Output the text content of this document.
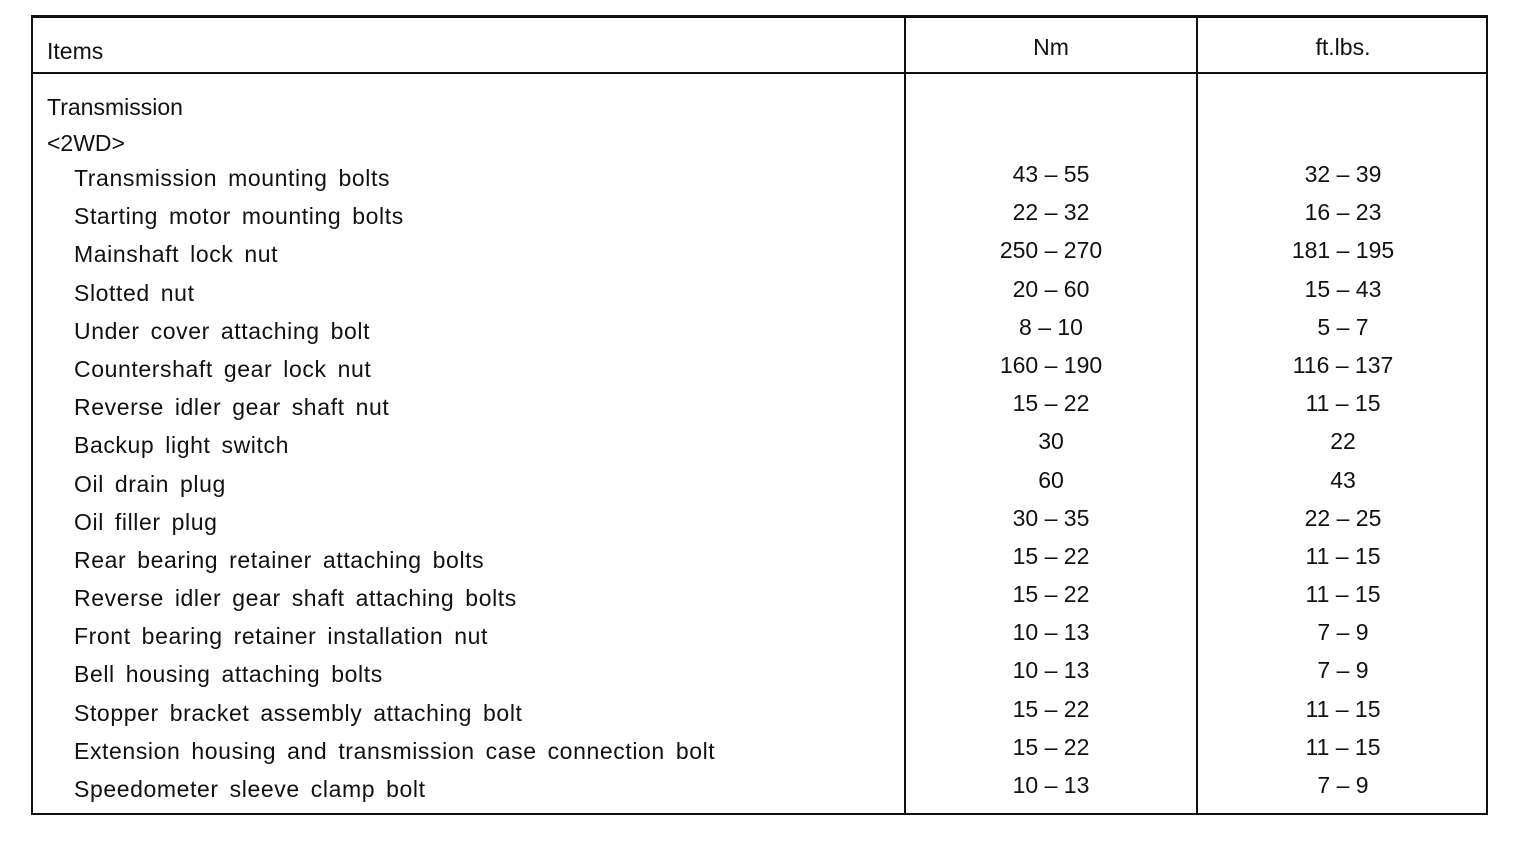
Items	Nm	ft.lbs.
Transmission
<2WD>
Transmission mounting bolts	43 – 55	32 – 39
Starting motor mounting bolts	22 – 32	16 – 23
Mainshaft lock nut	250 – 270	181 – 195
Slotted nut	20 – 60	15 – 43
Under cover attaching bolt	8 – 10	5 – 7
Countershaft gear lock nut	160 – 190	116 – 137
Reverse idler gear shaft nut	15 – 22	11 – 15
Backup light switch	30	22
Oil drain plug	60	43
Oil filler plug	30 – 35	22 – 25
Rear bearing retainer attaching bolts	15 – 22	11 – 15
Reverse idler gear shaft attaching bolts	15 – 22	11 – 15
Front bearing retainer installation nut	10 – 13	7 – 9
Bell housing attaching bolts	10 – 13	7 – 9
Stopper bracket assembly attaching bolt	15 – 22	11 – 15
Extension housing and transmission case connection bolt	15 – 22	11 – 15
Speedometer sleeve clamp bolt	10 – 13	7 – 9
